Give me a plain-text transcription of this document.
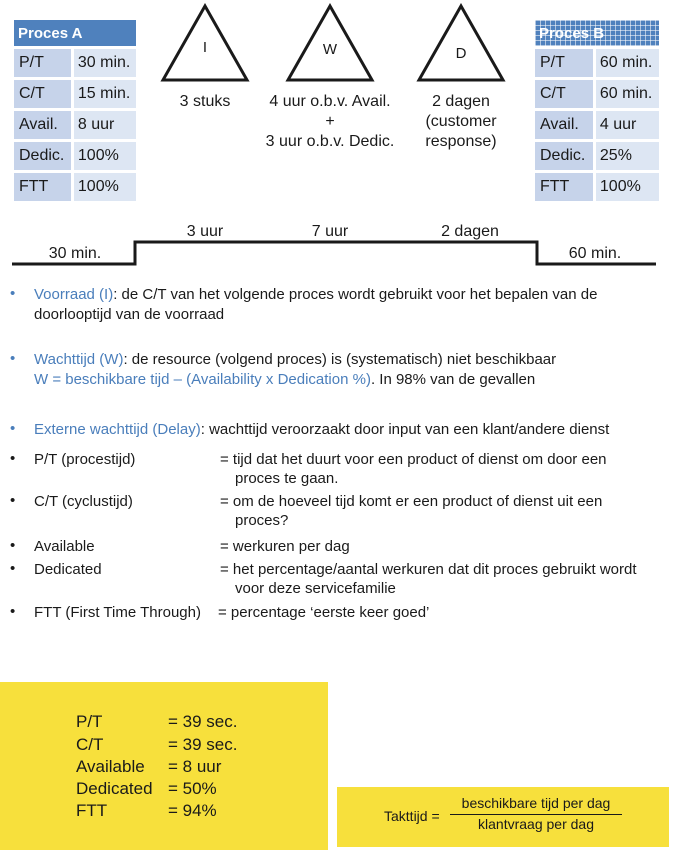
Proces A	
P/T	30 min.
C/T	15 min.
Avail.	8 uur
Dedic.	100%
FTT	100%
Proces B	
P/T	60 min.
C/T	60 min.
Avail.	4 uur
Dedic.	25%
FTT	100%
I	W	D
3 stuks	4 uur o.b.v. Avail.
+
3 uur o.b.v. Dedic.
2 dagen
(customer
response)
30 min.
3 uur	7 uur	2 dagen
60 min.
• Voorraad (I): de C/T van het volgende proces wordt gebruikt voor het bepalen van de
doorlooptijd van de voorraad
• Wachttijd (W): de resource (volgend proces) is (systematisch) niet beschikbaar
W = beschikbare tijd – (Availability x Dedication %). In 98% van de gevallen
• Externe wachttijd (Delay): wachttijd veroorzaakt door input van een klant/andere dienst
• P/T (procestijd)	= tijd dat het duurt voor een product of dienst om door een
proces te gaan.
• C/T (cyclustijd)	= om de hoeveel tijd komt er een product of dienst uit een
proces?
• Available	= werkuren per dag
• Dedicated	= het percentage/aantal werkuren dat dit proces gebruikt wordt
voor deze servicefamilie
• FTT (First Time Through) = percentage ‘eerste keer goed’
P/T	= 39 sec.
C/T	= 39 sec.
Available = 8 uur
Dedicated = 50%
FTT	= 94%	Takttijd =
beschikbare tijd per dag
klantvraag per dag
